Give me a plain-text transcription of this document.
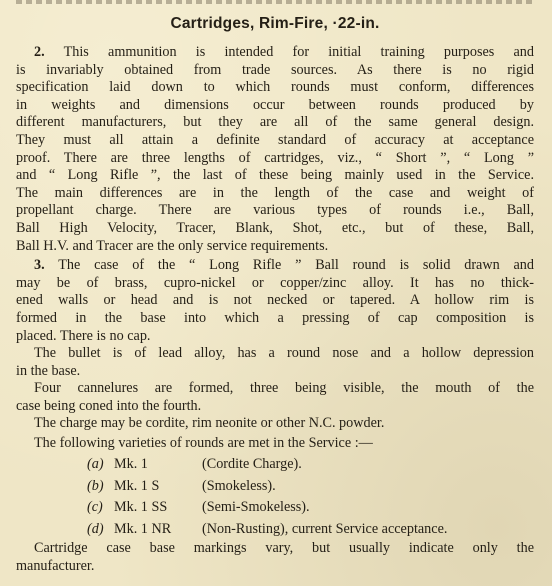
Cartridges, Rim-Fire, ·22-in.
2. This ammunition is intended for initial training purposes and
is invariably obtained from trade sources. As there is no rigid
specification laid down to which rounds must conform, differences
in weights and dimensions occur between rounds produced by
different manufacturers, but they are all of the same general design.
They must all attain a definite standard of accuracy at acceptance
proof. There are three lengths of cartridges, viz., “ Short ”, “ Long ”
and “ Long Rifle ”, the last of these being mainly used in the Service.
The main differences are in the length of the case and weight of
propellant charge. There are various types of rounds i.e., Ball,
Ball High Velocity, Tracer, Blank, Shot, etc., but of these, Ball,
Ball H.V. and Tracer are the only service requirements.
3. The case of the “ Long Rifle ” Ball round is solid drawn and
may be of brass, cupro-nickel or copper/zinc alloy. It has no thick-
ened walls or head and is not necked or tapered. A hollow rim is
formed in the base into which a pressing of cap composition is
placed. There is no cap.
The bullet is of lead alloy, has a round nose and a hollow depression
in the base.
Four cannelures are formed, three being visible, the mouth of the
case being coned into the fourth.
The charge may be cordite, rim neonite or other N.C. powder.
The following varieties of rounds are met in the Service :—
(a) Mk. 1	(Cordite Charge).
(b) Mk. 1 S	(Smokeless).
(c) Mk. 1 SS (Semi-Smokeless).
(d) Mk. 1 NR (Non-Rusting), current Service acceptance.
Cartridge case base markings vary, but usually indicate only the
manufacturer.
